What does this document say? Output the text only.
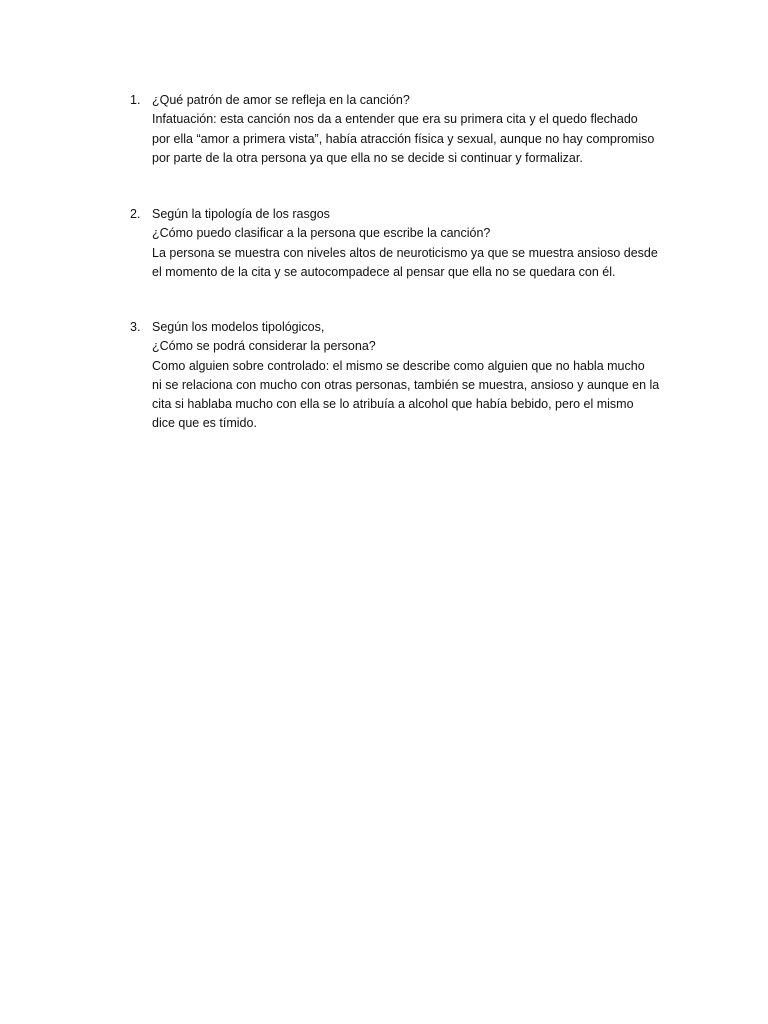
1. ¿Qué patrón de amor se refleja en la canción?
Infatuación: esta canción nos da a entender que era su primera cita y el quedo flechado
por ella “amor a primera vista”, había atracción física y sexual, aunque no hay compromiso
por parte de la otra persona ya que ella no se decide si continuar y formalizar.
2. Según la tipología de los rasgos
¿Cómo puedo clasificar a la persona que escribe la canción?
La persona se muestra con niveles altos de neuroticismo ya que se muestra ansioso desde
el momento de la cita y se autocompadece al pensar que ella no se quedara con él.
3. Según los modelos tipológicos,
¿Cómo se podrá considerar la persona?
Como alguien sobre controlado: el mismo se describe como alguien que no habla mucho
ni se relaciona con mucho con otras personas, también se muestra, ansioso y aunque en la
cita si hablaba mucho con ella se lo atribuía a alcohol que había bebido, pero el mismo
dice que es tímido.
